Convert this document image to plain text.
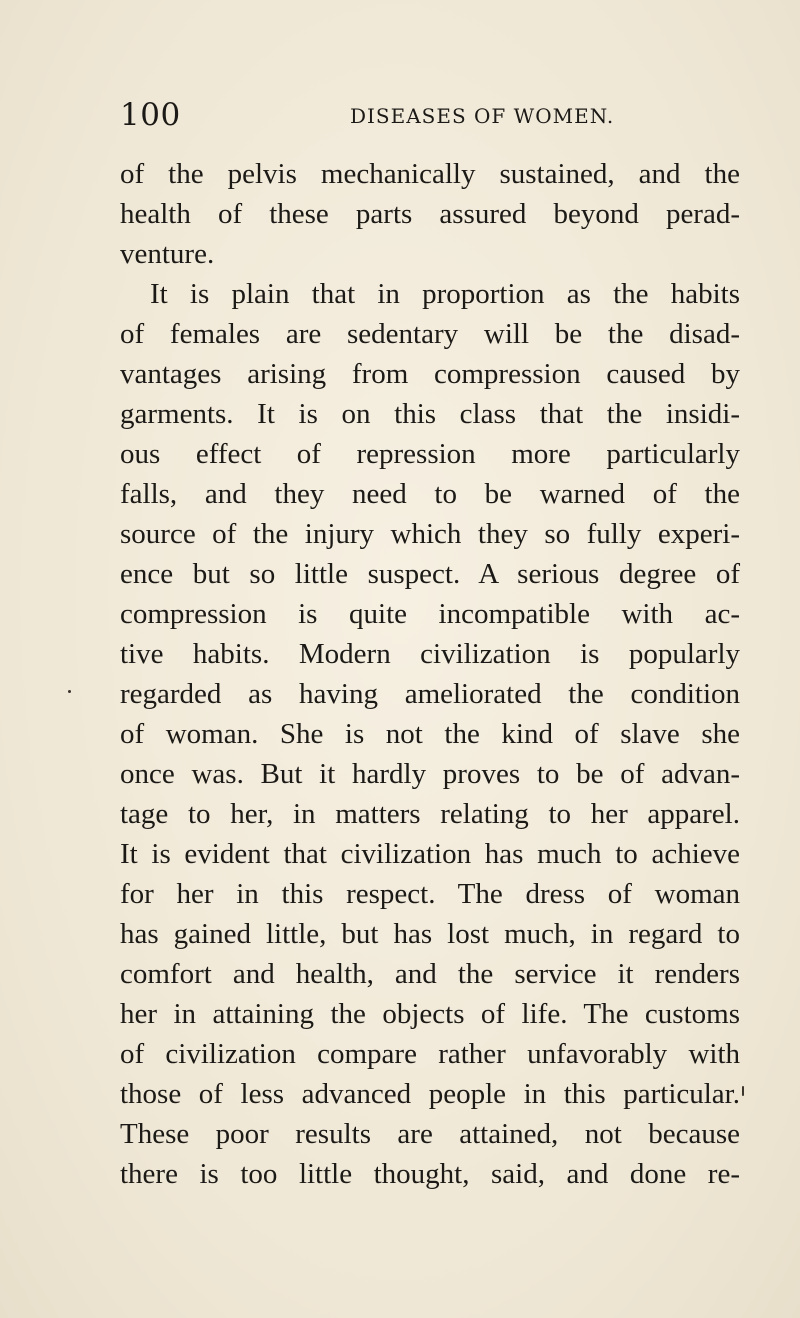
100	DISEASES OF WOMEN.
of the pelvis mechanically sustained, and the
health of these parts assured beyond perad-
venture.
It is plain that in proportion as the habits
of females are sedentary will be the disad-
vantages arising from compression caused by
garments. It is on this class that the insidi-
ous effect of repression more particularly
falls, and they need to be warned of the
source of the injury which they so fully experi-
ence but so little suspect. A serious degree of
compression is quite incompatible with ac-
tive habits. Modern civilization is popularly
regarded as having ameliorated the condition
of woman. She is not the kind of slave she
once was. But it hardly proves to be of advan-
tage to her, in matters relating to her apparel.
It is evident that civilization has much to achieve
for her in this respect. The dress of woman
has gained little, but has lost much, in regard to
comfort and health, and the service it renders
her in attaining the objects of life. The customs
of civilization compare rather unfavorably with
those of less advanced people in this particular.
These poor results are attained, not because
there is too little thought, said, and done re-
